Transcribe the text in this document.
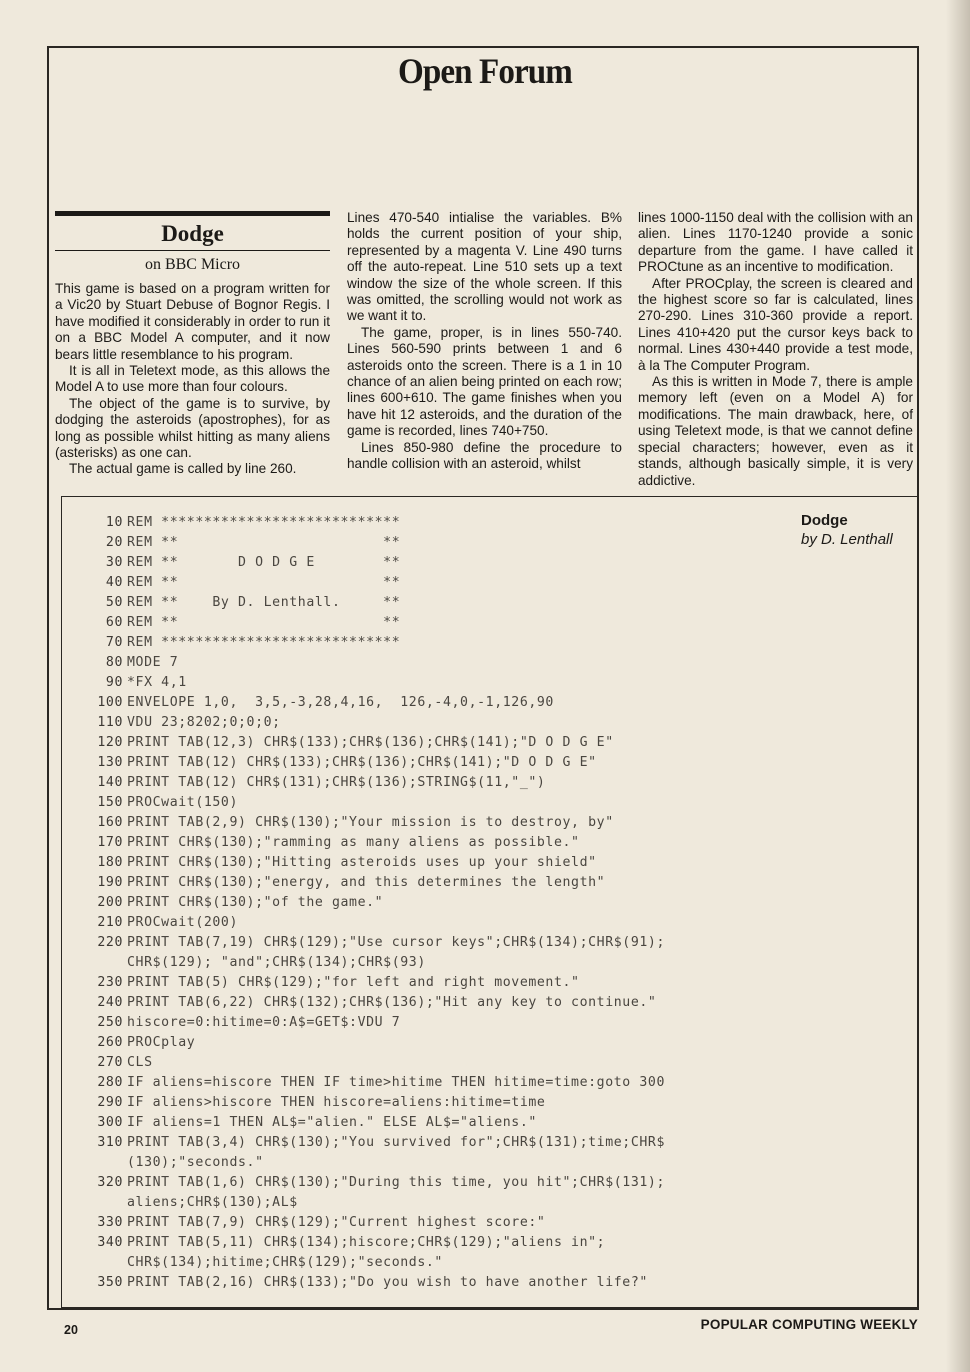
Open Forum
Dodge
on BBC Micro

This game is based on a program written for a Vic20 by Stuart Debuse of Bognor Regis. I have modified it considerably in order to run it on a BBC Model A computer, and it now bears little resemblance to his program.

It is all in Teletext mode, as this allows the Model A to use more than four colours.

The object of the game is to survive, by dodging the asteroids (apostrophes), for as long as possible whilst hitting as many aliens (asterisks) as one can.

The actual game is called by line 260.

Lines 470-540 intialise the variables. B% holds the current position of your ship, represented by a magenta V. Line 490 turns off the auto-repeat. Line 510 sets up a text window the size of the whole screen. If this was omitted, the scrolling would not work as we want it to.

The game, proper, is in lines 550-740. Lines 560-590 prints between 1 and 6 asteroids onto the screen. There is a 1 in 10 chance of an alien being printed on each row; lines 600+610. The game finishes when you have hit 12 asteroids, and the duration of the game is recorded, lines 740+750.

Lines 850-980 define the procedure to handle collision with an asteroid, whilst

lines 1000-1150 deal with the collision with an alien. Lines 1170-1240 provide a sonic departure from the game. I have called it PROCtune as an incentive to modification.

After PROCplay, the screen is cleared and the highest score so far is calculated, lines 270-290. Lines 310-360 provide a report. Lines 410+420 put the cursor keys back to normal. Lines 430+440 provide a test mode, à la The Computer Program.

As this is written in Mode 7, there is ample memory left (even on a Model A) for modifications. The main drawback, here, of using Teletext mode, is that we cannot define special characters; however, even as it stands, although basically simple, it is very addictive.

Dodge
by D. Lenthall
10 REM ****************************
20 REM **                        **
30 REM **       D O D G E        **
40 REM **                        **
50 REM **    By D. Lenthall.     **
60 REM **                        **
70 REM ****************************
80 MODE 7
90 *FX 4,1
100 ENVELOPE 1,0,  3,5,-3,28,4,16,  126,-4,0,-1,126,90
110 VDU 23;8202;0;0;0;
120 PRINT TAB(12,3) CHR$(133);CHR$(136);CHR$(141);"D O D G E"
130 PRINT TAB(12) CHR$(133);CHR$(136);CHR$(141);"D O D G E"
140 PRINT TAB(12) CHR$(131);CHR$(136);STRING$(11,"_")
150 PROCwait(150)
160 PRINT TAB(2,9) CHR$(130);"Your mission is to destroy, by"
170 PRINT CHR$(130);"ramming as many aliens as possible."
180 PRINT CHR$(130);"Hitting asteroids uses up your shield"
190 PRINT CHR$(130);"energy, and this determines the length"
200 PRINT CHR$(130);"of the game."
210 PROCwait(200)
220 PRINT TAB(7,19) CHR$(129);"Use cursor keys";CHR$(134);CHR$(91);
CHR$(129); "and";CHR$(134);CHR$(93)
230 PRINT TAB(5) CHR$(129);"for left and right movement."
240 PRINT TAB(6,22) CHR$(132);CHR$(136);"Hit any key to continue."
250 hiscore=0:hitime=0:A$=GET$:VDU 7
260 PROCplay
270 CLS
280 IF aliens=hiscore THEN IF time>hitime THEN hitime=time:goto 300
290 IF aliens>hiscore THEN hiscore=aliens:hitime=time
300 IF aliens=1 THEN AL$="alien." ELSE AL$="aliens."
310 PRINT TAB(3,4) CHR$(130);"You survived for";CHR$(131);time;CHR$
(130);"seconds."
320 PRINT TAB(1,6) CHR$(130);"During this time, you hit";CHR$(131);
aliens;CHR$(130);AL$
330 PRINT TAB(7,9) CHR$(129);"Current highest score:"
340 PRINT TAB(5,11) CHR$(134);hiscore;CHR$(129);"aliens in";
CHR$(134);hitime;CHR$(129);"seconds."
350 PRINT TAB(2,16) CHR$(133);"Do you wish to have another life?"
20	POPULAR COMPUTING WEEKLY
